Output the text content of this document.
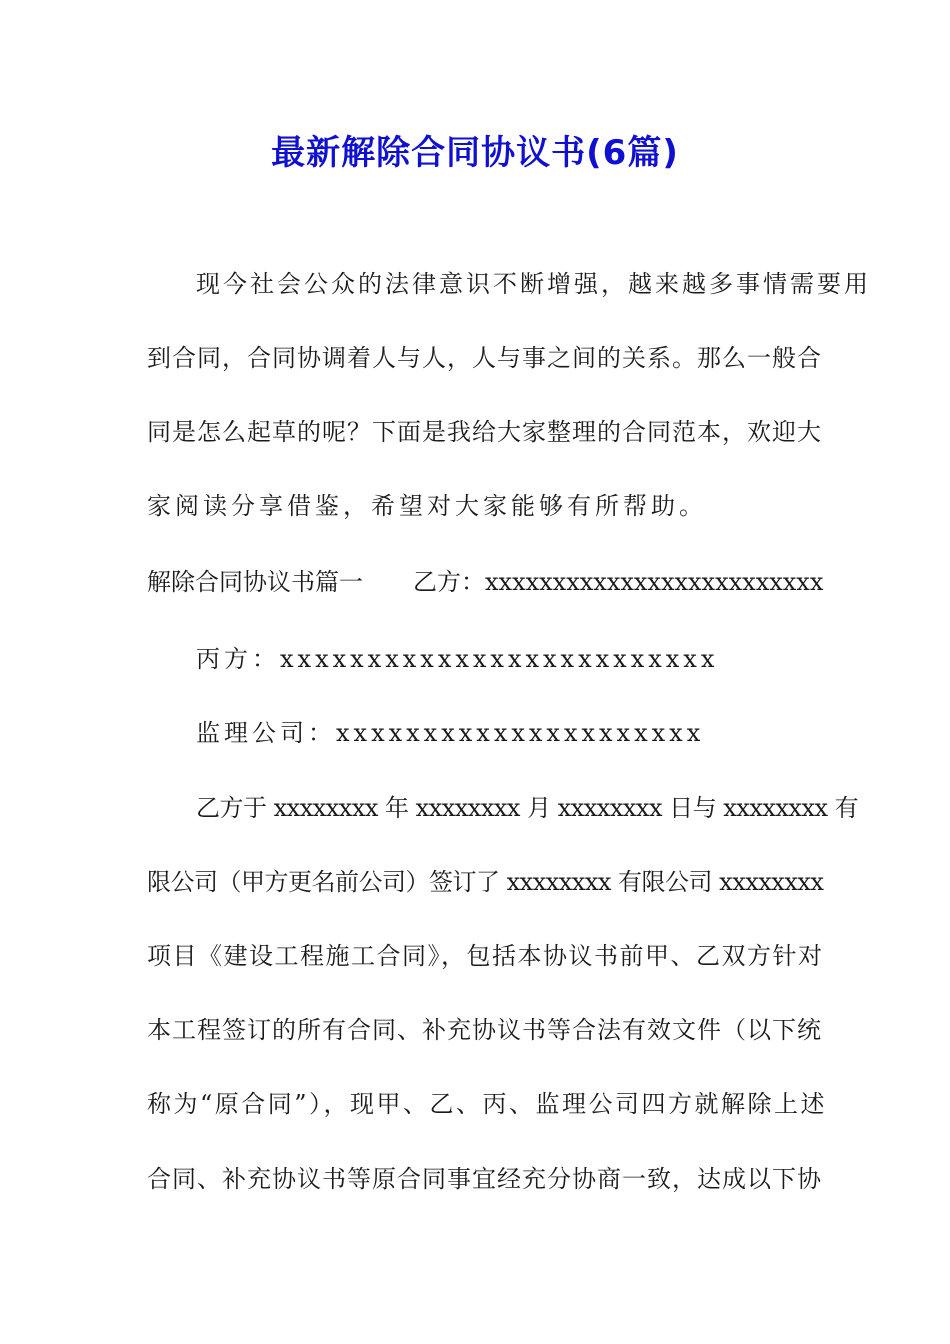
最新解除合同协议书(6篇)
现今社会公众的法律意识不断增强，越来越多事情需要用
到合同，合同协调着人与人，人与事之间的关系。那么一般合
同是怎么起草的呢？下面是我给大家整理的合同范本，欢迎大
家阅读分享借鉴，希望对大家能够有所帮助。
解除合同协议书篇一 乙方：xxxxxxxxxxxxxxxxxxxxxxxxx
丙方：xxxxxxxxxxxxxxxxxxxxxxxxx
监理公司：xxxxxxxxxxxxxxxxxxxxx
乙方于 xxxxxxxx 年 xxxxxxxx 月 xxxxxxxx 日与 xxxxxxxx 有
限公司（甲方更名前公司）签订了 xxxxxxxx 有限公司 xxxxxxxx
项目《建设工程施工合同》，包括本协议书前甲、乙双方针对
本工程签订的所有合同、补充协议书等合法有效文件（以下统
称为“原合同”），现甲、乙、丙、监理公司四方就解除上述
合同、补充协议书等原合同事宜经充分协商一致，达成以下协
